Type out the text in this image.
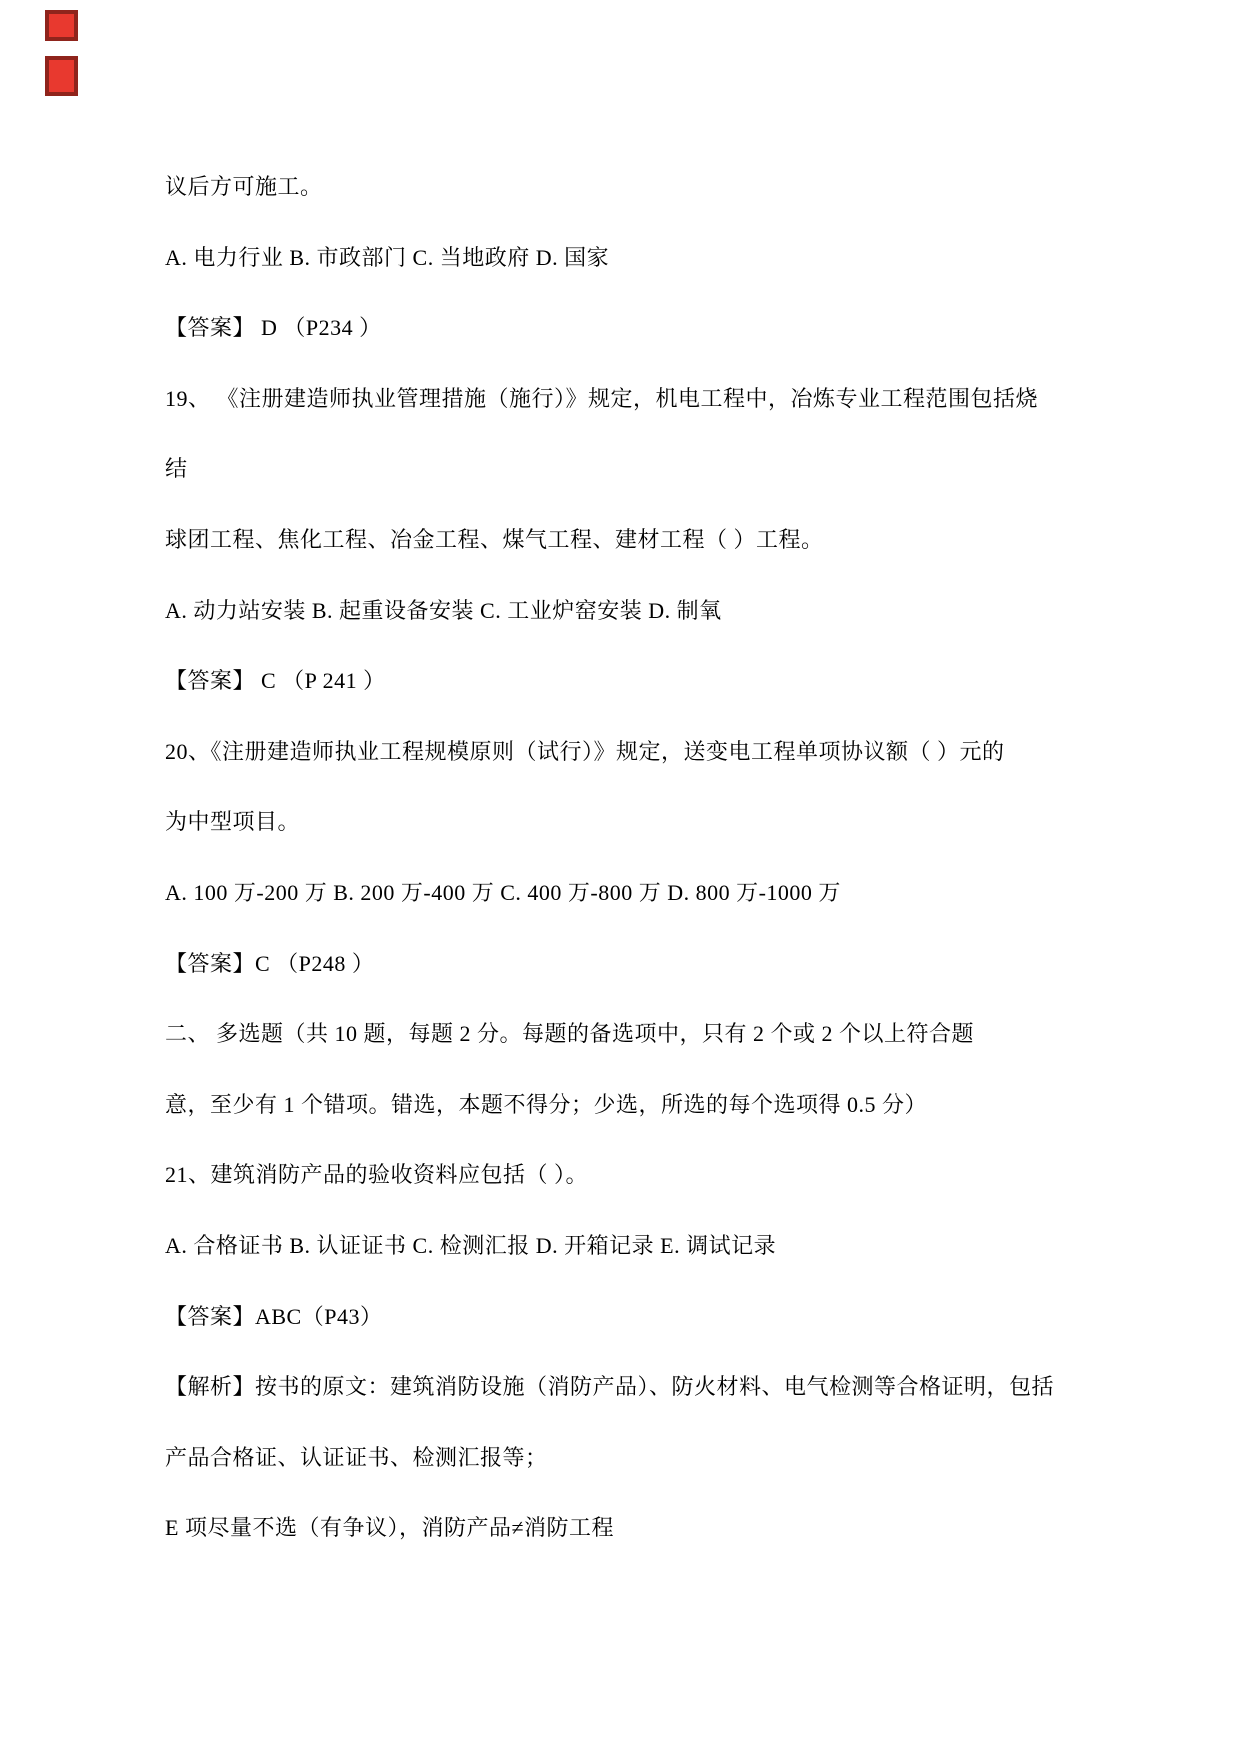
议后方可施工。
A. 电力行业 B. 市政部门 C. 当地政府 D. 国家
【答案】 D （P234 ）
19、 《注册建造师执业管理措施（施行）》规定，机电工程中，冶炼专业工程范围包括烧
结
球团工程、焦化工程、冶金工程、煤气工程、建材工程（ ）工程。
A. 动力站安装 B. 起重设备安装 C. 工业炉窑安装 D. 制氧
【答案】 C （P 241 ）
20、《注册建造师执业工程规模原则（试行）》规定，送变电工程单项协议额（ ）元的
为中型项目。
A. 100 万-200 万 B. 200 万-400 万 C. 400 万-800 万 D. 800 万-1000 万
【答案】C （P248 ）
二、 多选题（共 10 题，每题 2 分。每题的备选项中，只有 2 个或 2 个以上符合题
意，至少有 1 个错项。错选，本题不得分；少选，所选的每个选项得 0.5 分）
21、建筑消防产品的验收资料应包括（ ）。
A. 合格证书 B. 认证证书 C. 检测汇报 D. 开箱记录 E. 调试记录
【答案】ABC（P43）
【解析】按书的原文：建筑消防设施（消防产品）、防火材料、电气检测等合格证明，包括
产品合格证、认证证书、检测汇报等；
E 项尽量不选（有争议），消防产品≠消防工程
